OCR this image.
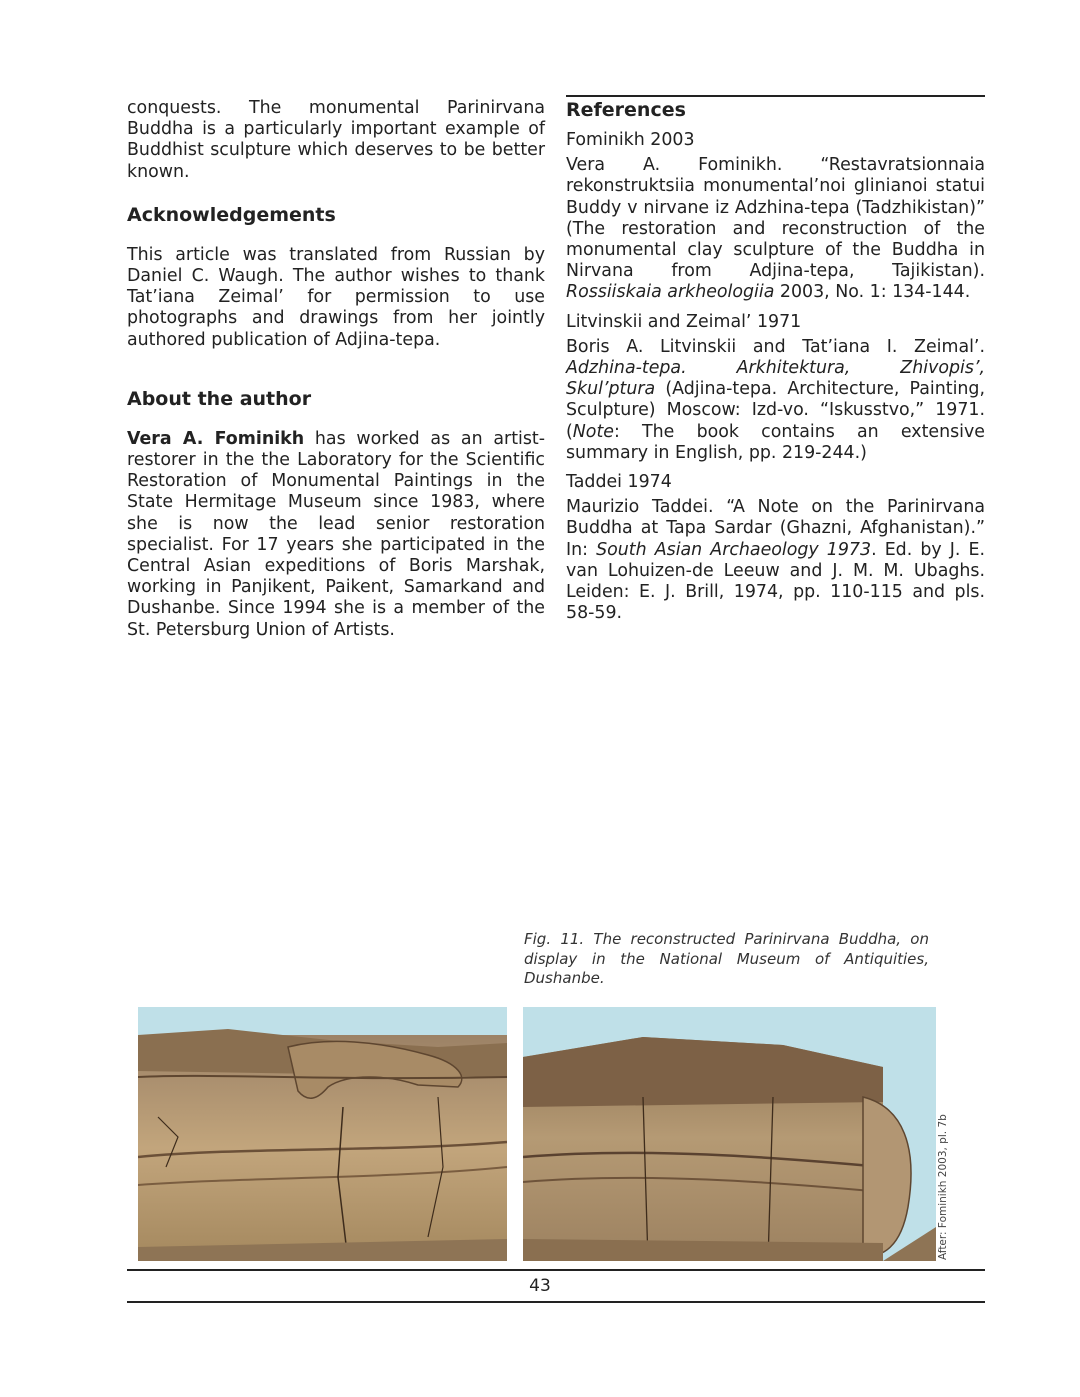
conquests. The monumental Parinirvana Buddha is a particularly important example of Buddhist sculpture which deserves to be better known.

Acknowledgements

This article was translated from Russian by Daniel C. Waugh. The author wishes to thank Tat’iana Zeimal’ for permission to use photographs and drawings from her jointly authored publication of Adjina-tepa.

About the author

Vera A. Fominikh has worked as an artist-restorer in the the Laboratory for the Scientific Restoration of Monumental Paintings in the State Hermitage Museum since 1983, where she is now the lead senior restoration specialist. For 17 years she participated in the Central Asian expeditions of Boris Marshak, working in Panjikent, Paikent, Samarkand and Dushanbe. Since 1994 she is a member of the St. Petersburg Union of Artists.

References

Fominikh 2003

Vera A. Fominikh. “Restavratsionnaia rekonstruktsiia monumental’noi glinianoi statui Buddy v nirvane iz Adzhina-tepa (Tadzhikistan)” (The restoration and reconstruction of the monumental clay sculpture of the Buddha in Nirvana from Adjina-tepa, Tajikistan). Rossiiskaia arkheologiia 2003, No. 1: 134-144.

Litvinskii and Zeimal’ 1971

Boris A. Litvinskii and Tat’iana I. Zeimal’. Adzhina-tepa. Arkhitektura, Zhivopis’, Skul’ptura (Adjina-tepa. Architecture, Painting, Sculpture) Moscow: Izd-vo. “Iskusstvo,” 1971. (Note: The book contains an extensive summary in English, pp. 219-244.)

Taddei 1974

Maurizio Taddei. “A Note on the Parinirvana Buddha at Tapa Sardar (Ghazni, Afghanistan).” In: South Asian Archaeology 1973. Ed. by J. E. van Lohuizen-de Leeuw and J. M. M. Ubaghs. Leiden: E. J. Brill, 1974, pp. 110-115 and pls. 58-59.

Fig. 11. The reconstructed Parinirvana Buddha, on display in the National Museum of Antiquities, Dushanbe.
After: Fominikh 2003, pl. 7b
43
